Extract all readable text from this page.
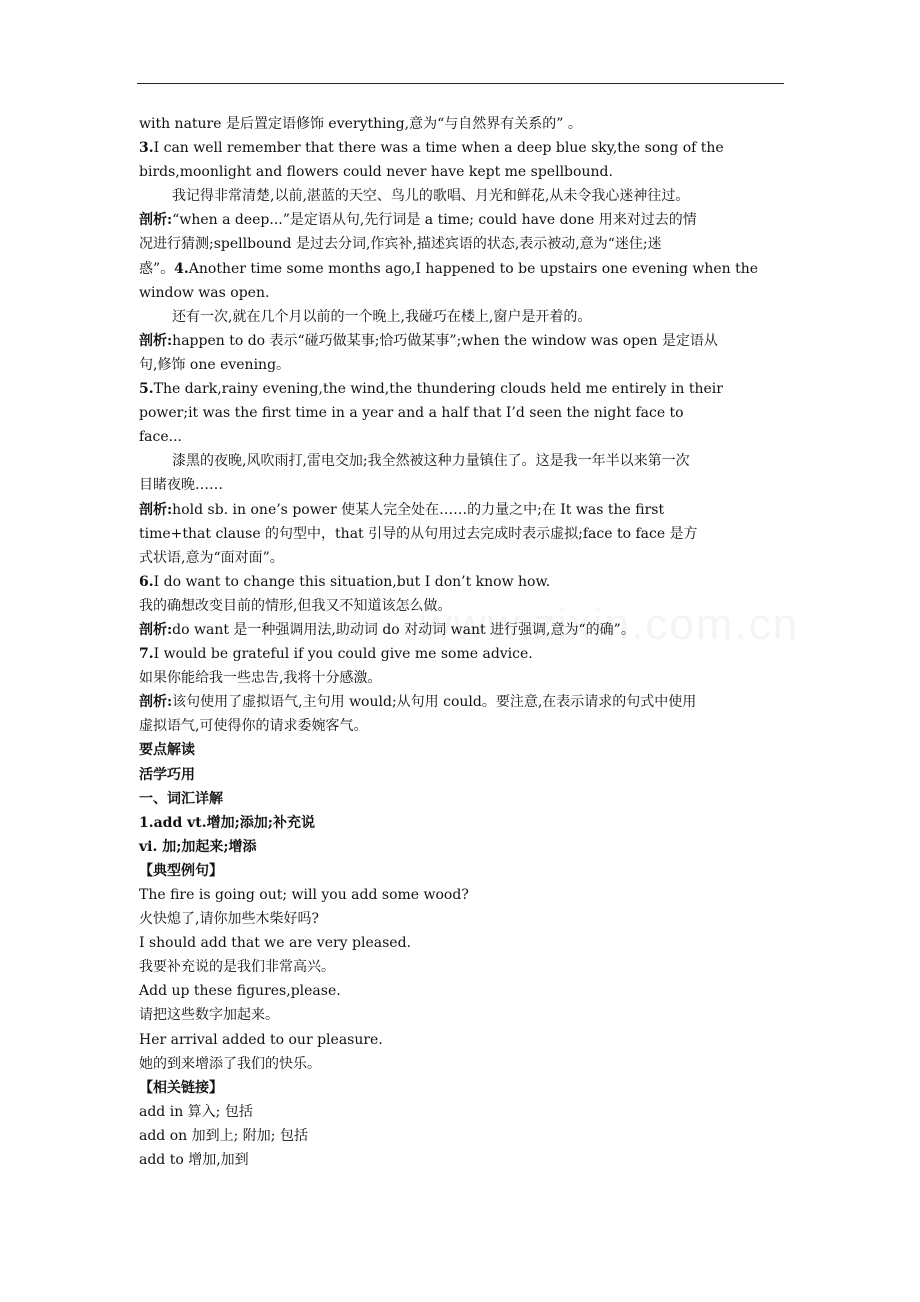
with nature 是后置定语修饰 everything,意为“与自然界有关系的” 。
3.I can well remember that there was a time when a deep blue sky,the song of the
birds,moonlight and flowers could never have kept me spellbound.
我记得非常清楚,以前,湛蓝的天空、鸟儿的歌唱、月光和鲜花,从未令我心迷神往过。
剖析:“when a deep...”是定语从句,先行词是 a time; could have done 用来对过去的情
况进行猜测;spellbound 是过去分词,作宾补,描述宾语的状态,表示被动,意为“迷住;迷
惑”。4.Another time some months ago,I happened to be upstairs one evening when the
window was open.
还有一次,就在几个月以前的一个晚上,我碰巧在楼上,窗户是开着的。
剖析:happen to do 表示“碰巧做某事;恰巧做某事”;when the window was open 是定语从
句,修饰 one evening。
5.The dark,rainy evening,the wind,the thundering clouds held me entirely in their
power;it was the first time in a year and a half that I’d seen the night face to
face...
漆黑的夜晚,风吹雨打,雷电交加;我全然被这种力量镇住了。这是我一年半以来第一次
目睹夜晚……
剖析:hold sb. in one’s power 使某人完全处在……的力量之中;在 It was the first
time+that clause 的句型中，that 引导的从句用过去完成时表示虚拟;face to face 是方
式状语,意为“面对面”。
6.I do want to change this situation,but I don’t know how.
我的确想改变目前的情形,但我又不知道该怎么做。
剖析:do want 是一种强调用法,助动词 do 对动词 want 进行强调,意为“的确”。
7.I would be grateful if you could give me some advice.
如果你能给我一些忠告,我将十分感激。
剖析:该句使用了虚拟语气,主句用 would;从句用 could。要注意,在表示请求的句式中使用
虚拟语气,可使得你的请求委婉客气。
要点解读
活学巧用
一、词汇详解
1.add vt.增加;添加;补充说
vi. 加;加起来;增添
【典型例句】
The fire is going out; will you add some wood?
火快熄了,请你加些木柴好吗?
I should add that we are very pleased.
我要补充说的是我们非常高兴。
Add up these figures,please.
请把这些数字加起来。
Her arrival added to our pleasure.
她的到来增添了我们的快乐。
【相关链接】
add in 算入; 包括
add on 加到上; 附加; 包括
add to 增加,加到
